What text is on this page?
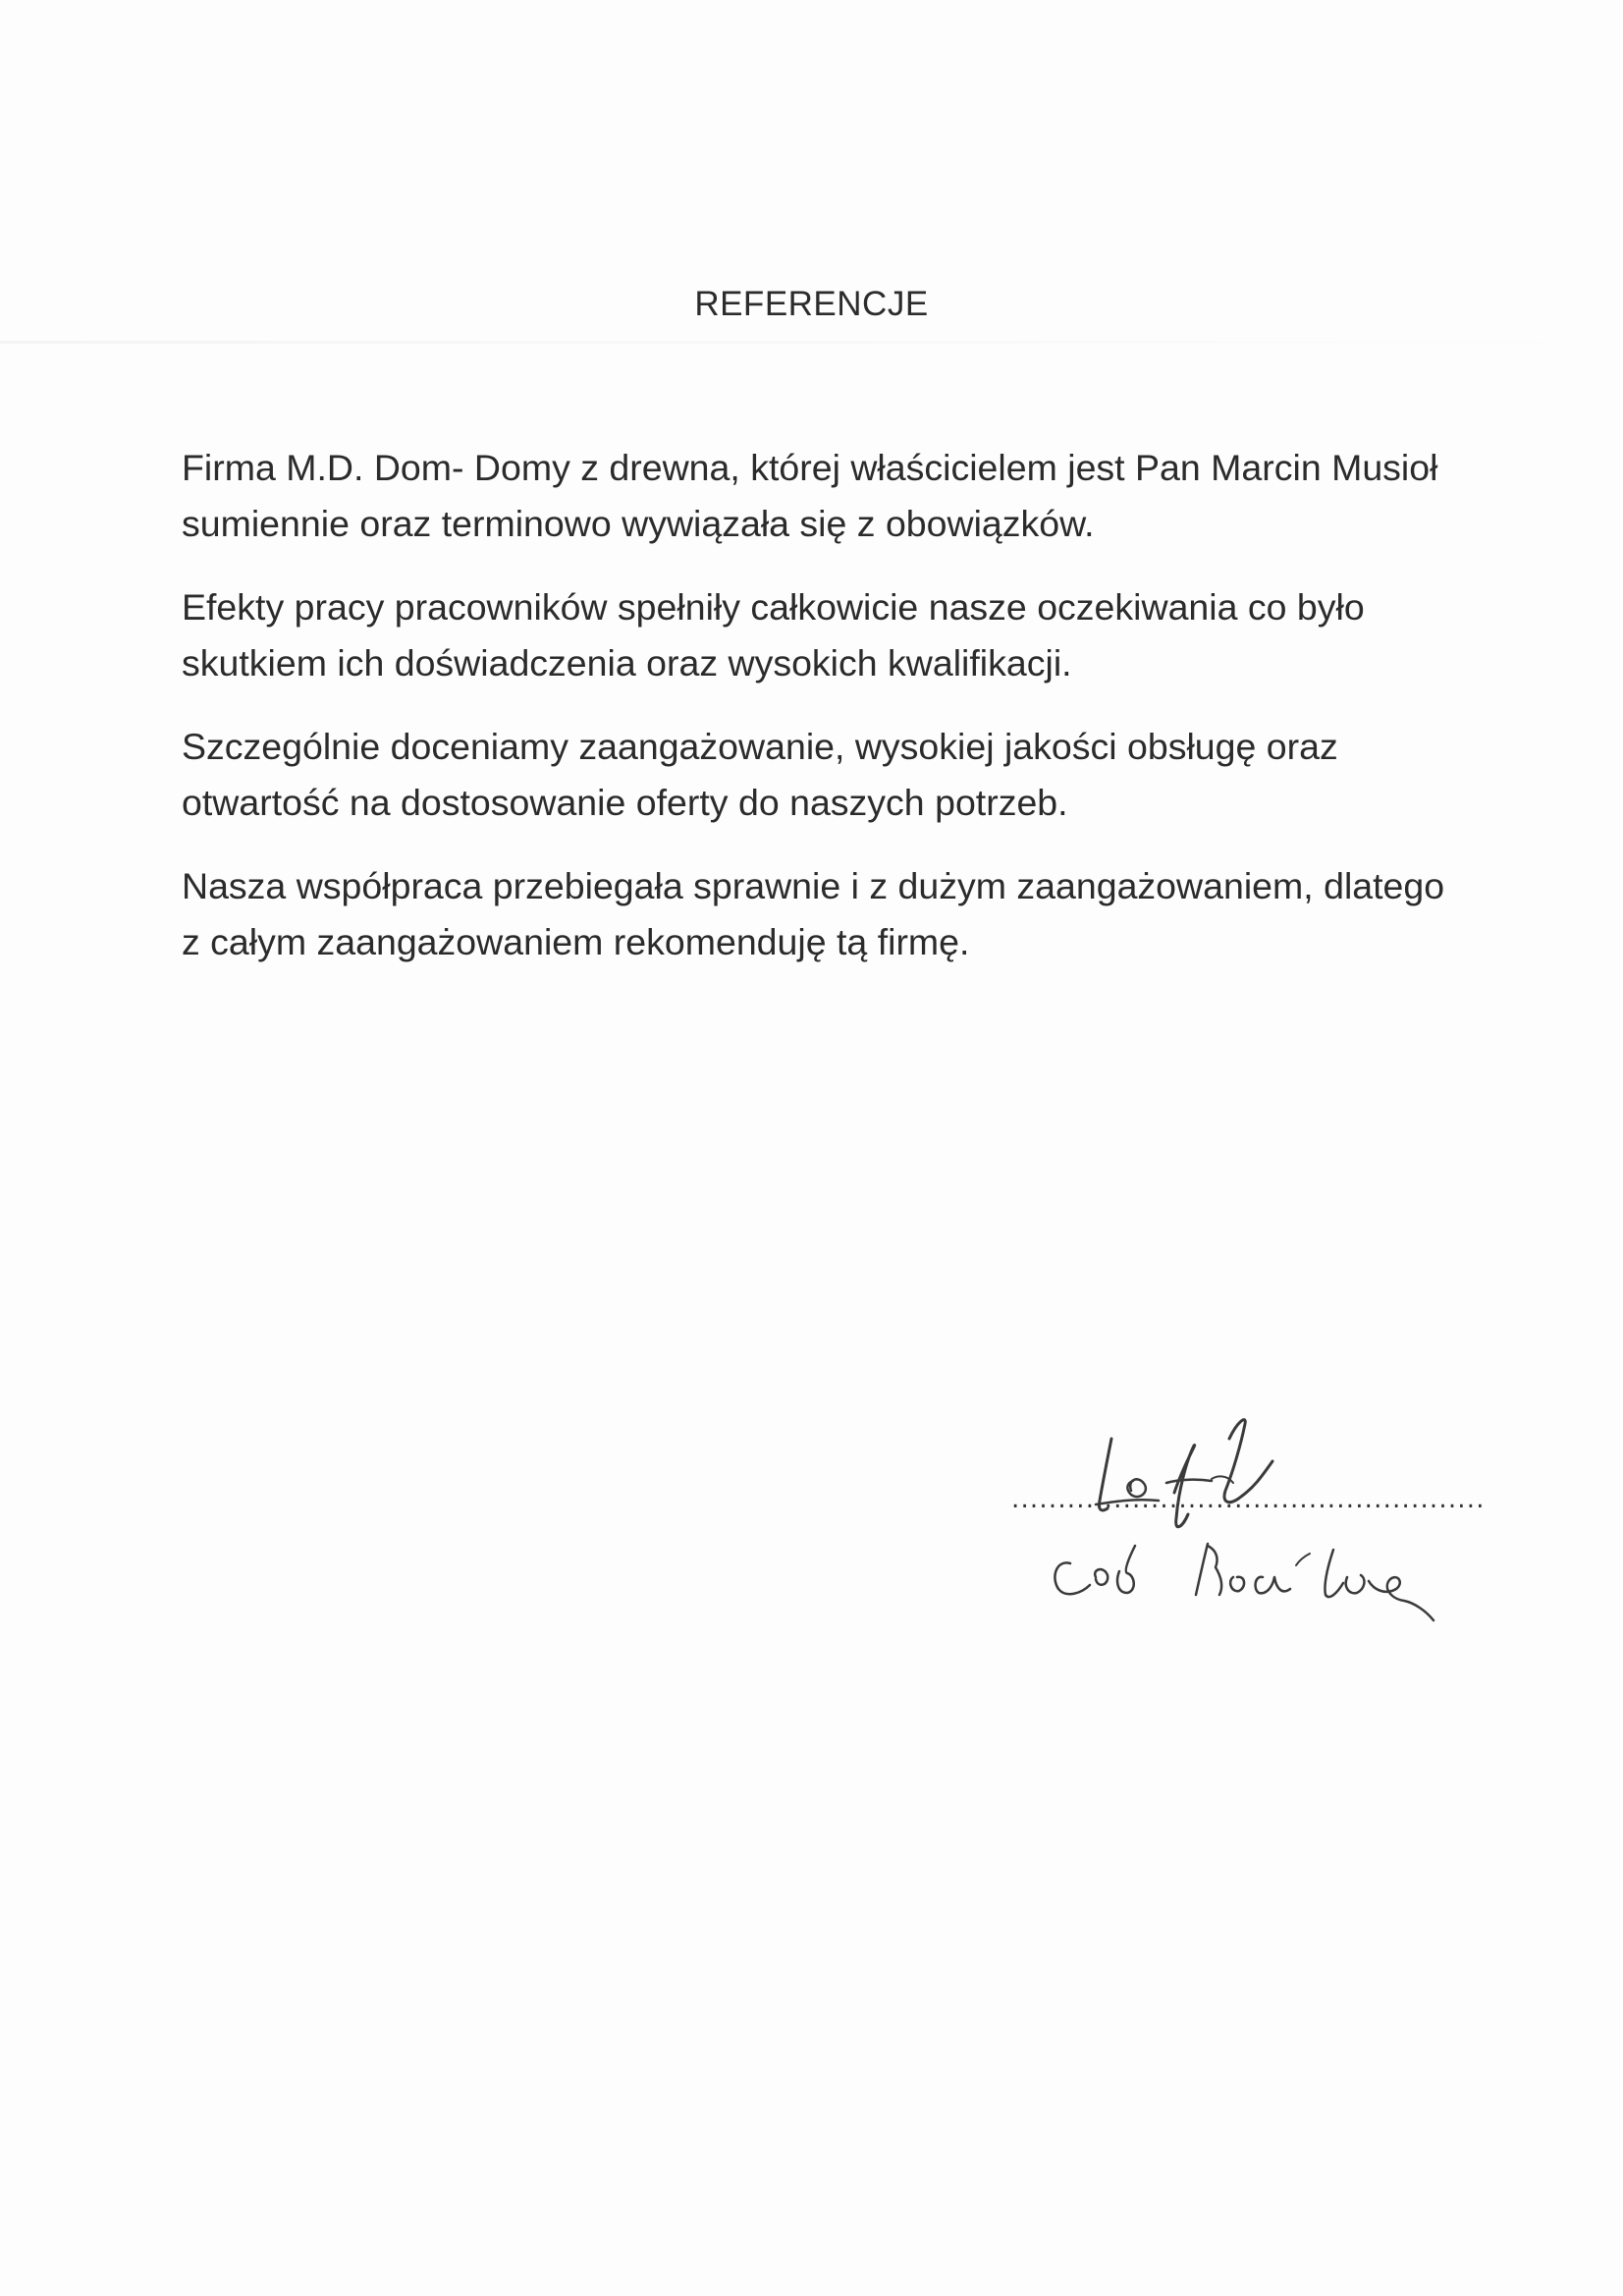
REFERENCJE

Firma M.D. Dom- Domy z drewna, której właścicielem jest Pan Marcin Musioł sumiennie oraz terminowo wywiązała się z obowiązków.

Efekty pracy pracowników spełniły całkowicie nasze oczekiwania co było skutkiem ich doświadczenia oraz wysokich kwalifikacji.

Szczególnie doceniamy zaangażowanie, wysokiej jakości obsługę oraz otwartość na dostosowanie oferty do naszych potrzeb.

Nasza współpraca przebiegała sprawnie i z dużym zaangażowaniem, dlatego z całym zaangażowaniem rekomenduję tą firmę.

...................................................
